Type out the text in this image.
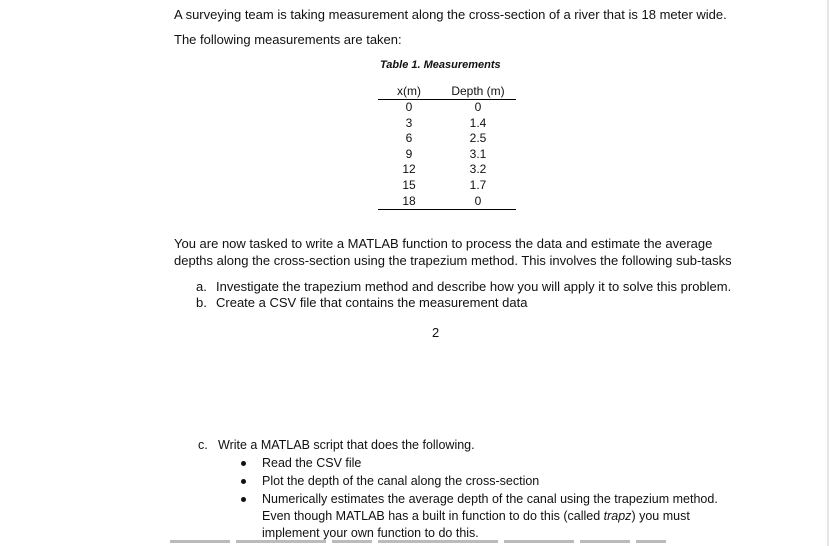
A surveying team is taking measurement along the cross-section of a river that is 18 meter wide.
The following measurements are taken:
Table 1. Measurements
x(m)	Depth (m)
0	0
3	1.4
6	2.5
9	3.1
12	3.2
15	1.7
18	0
You are now tasked to write a MATLAB function to process the data and estimate the average
depths along the cross-section using the trapezium method. This involves the following sub-tasks
a. Investigate the trapezium method and describe how you will apply it to solve this problem.
b. Create a CSV file that contains the measurement data
2
c. Write a MATLAB script that does the following.
Read the CSV file
Plot the depth of the canal along the cross-section
Numerically estimates the average depth of the canal using the trapezium method.
Even though MATLAB has a built in function to do this (called trapz) you must
implement your own function to do this.
